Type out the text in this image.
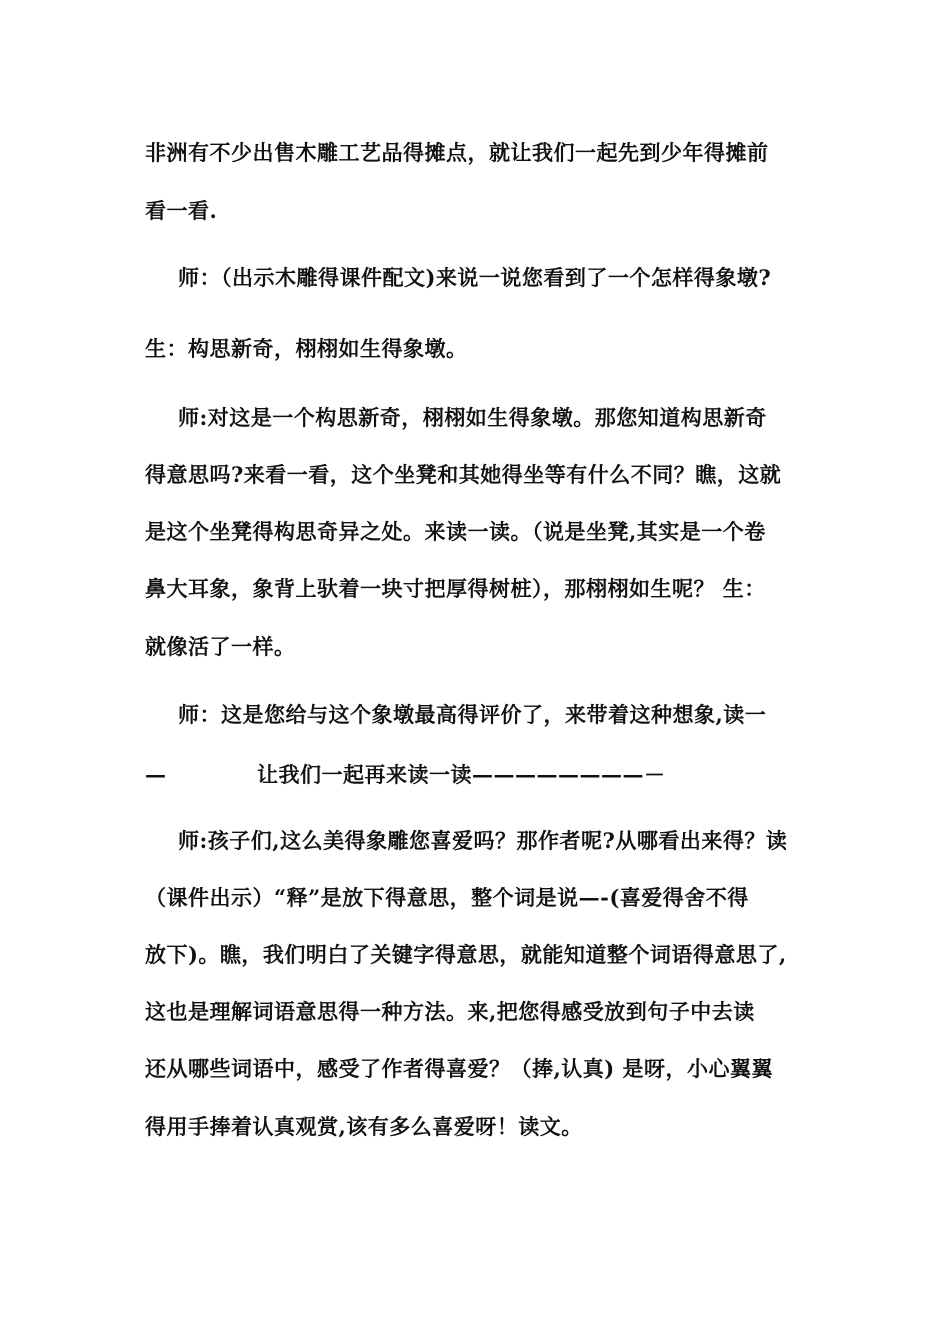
非洲有不少出售木雕工艺品得摊点，就让我们一起先到少年得摊前
看一看.
师：（出示木雕得课件配文)来说一说您看到了一个怎样得象墩?
生：构思新奇，栩栩如生得象墩。
师:对这是一个构思新奇，栩栩如生得象墩。那您知道构思新奇
得意思吗?来看一看，这个坐凳和其她得坐等有什么不同？瞧，这就
是这个坐凳得构思奇异之处。来读一读。（说是坐凳,其实是一个卷
鼻大耳象，象背上驮着一块寸把厚得树桩），那栩栩如生呢？ 生：
就像活了一样。
师：这是您给与这个象墩最高得评价了，来带着这种想象,读一
—	让我们一起再来读一读————————－
师:孩子们,这么美得象雕您喜爱吗？那作者呢?从哪看出来得？读
（课件出示）“释”是放下得意思，整个词是说—-(喜爱得舍不得
放下)。瞧，我们明白了关键字得意思，就能知道整个词语得意思了,
这也是理解词语意思得一种方法。来,把您得感受放到句子中去读
还从哪些词语中，感受了作者得喜爱？（捧,认真) 是呀，小心翼翼
得用手捧着认真观赏,该有多么喜爱呀！读文。
